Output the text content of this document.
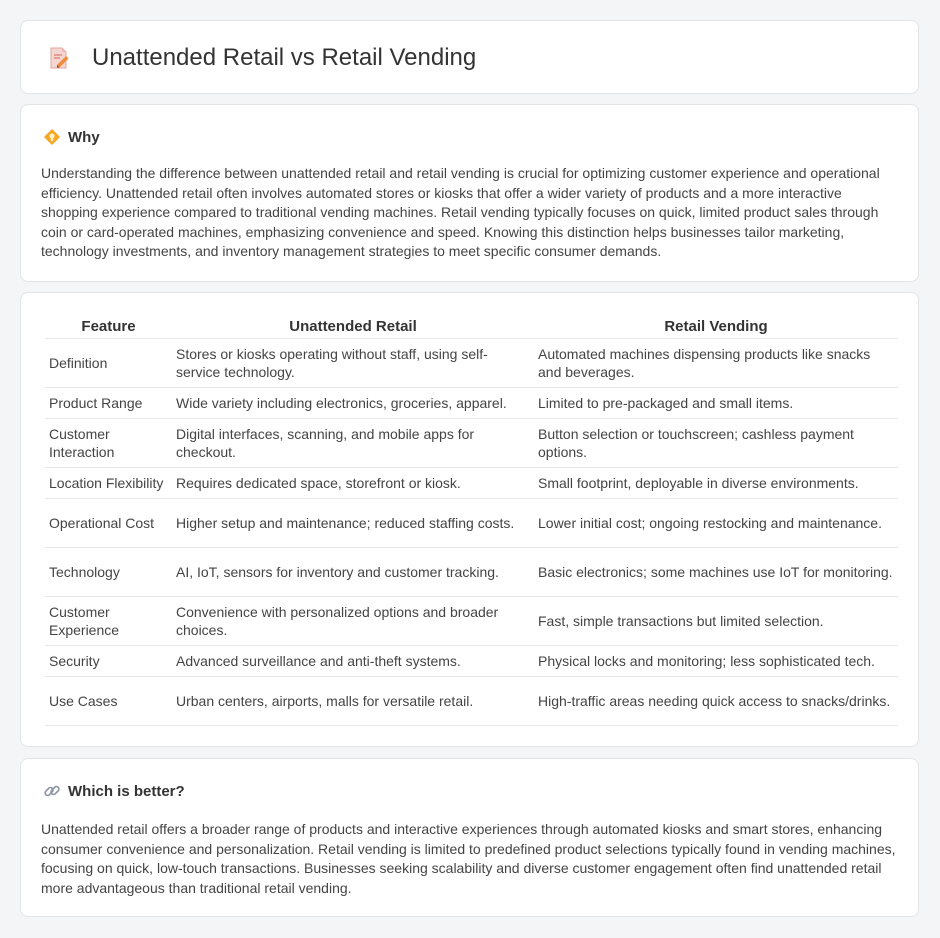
Unattended Retail vs Retail Vending
Why

Understanding the difference between unattended retail and retail vending is crucial for optimizing customer experience and operational efficiency. Unattended retail often involves automated stores or kiosks that offer a wider variety of products and a more interactive shopping experience compared to traditional vending machines. Retail vending typically focuses on quick, limited product sales through coin or card-operated machines, emphasizing convenience and speed. Knowing this distinction helps businesses tailor marketing, technology investments, and inventory management strategies to meet specific consumer demands.

Feature	Unattended Retail	Retail Vending
Definition	Stores or kiosks operating without staff, using self-service technology.	Automated machines dispensing products like snacks and beverages.
Product Range	Wide variety including electronics, groceries, apparel.	Limited to pre-packaged and small items.
Customer Interaction	Digital interfaces, scanning, and mobile apps for checkout.	Button selection or touchscreen; cashless payment options.
Location Flexibility	Requires dedicated space, storefront or kiosk.	Small footprint, deployable in diverse environments.
Operational Cost	Higher setup and maintenance; reduced staffing costs.	Lower initial cost; ongoing restocking and maintenance.
Technology	AI, IoT, sensors for inventory and customer tracking.	Basic electronics; some machines use IoT for monitoring.
Customer Experience	Convenience with personalized options and broader choices.	Fast, simple transactions but limited selection.
Security	Advanced surveillance and anti-theft systems.	Physical locks and monitoring; less sophisticated tech.
Use Cases	Urban centers, airports, malls for versatile retail.	High-traffic areas needing quick access to snacks/drinks.
Which is better?

Unattended retail offers a broader range of products and interactive experiences through automated kiosks and smart stores, enhancing consumer convenience and personalization. Retail vending is limited to predefined product selections typically found in vending machines, focusing on quick, low-touch transactions. Businesses seeking scalability and diverse customer engagement often find unattended retail more advantageous than traditional retail vending.
